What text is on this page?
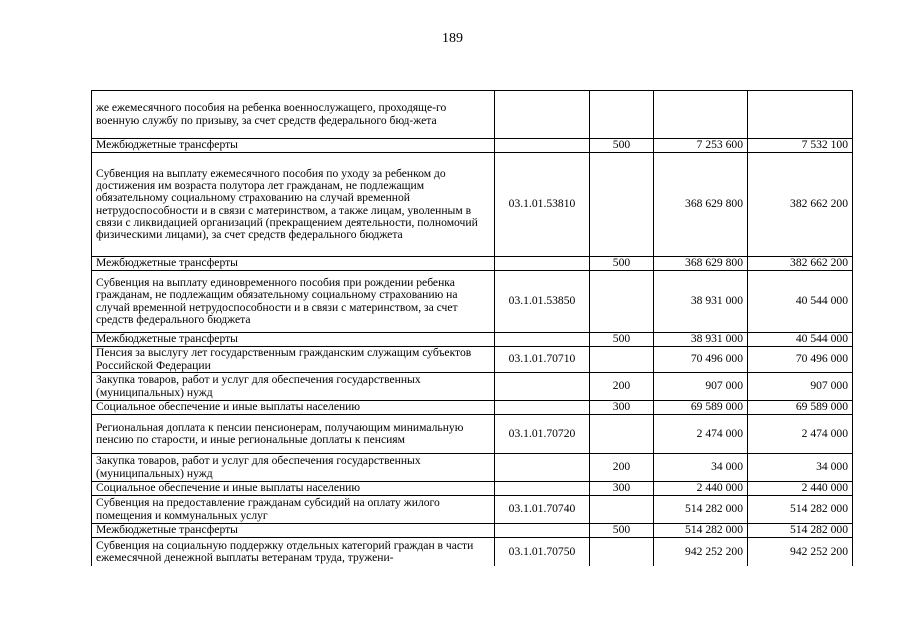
189
же ежемесячного пособия на ребенка военнослужащего, проходяще-го военную службу по призыву, за счет средств федерального бюд-жета				
Межбюджетные трансферты		500	7 253 600	7 532 100
Субвенция на выплату ежемесячного пособия по уходу за ребенком до достижения им возраста полутора лет гражданам, не подлежащим обязательному социальному страхованию на случай временной нетрудоспособности и в связи с материнством, а также лицам, уволенным в связи с ликвидацией организаций (прекращением деятельности, полномочий физическими лицами), за счет средств федерального бюджета	03.1.01.53810		368 629 800	382 662 200
Межбюджетные трансферты		500	368 629 800	382 662 200
Субвенция на выплату единовременного пособия при рождении ребенка гражданам, не подлежащим обязательному социальному страхованию на случай временной нетрудоспособности и в связи с материнством, за счет средств федерального бюджета	03.1.01.53850		38 931 000	40 544 000
Межбюджетные трансферты		500	38 931 000	40 544 000
Пенсия за выслугу лет государственным гражданским служащим субъектов Российской Федерации	03.1.01.70710		70 496 000	70 496 000
Закупка товаров, работ и услуг для обеспечения государственных (муниципальных) нужд		200	907 000	907 000
Социальное обеспечение и иные выплаты населению		300	69 589 000	69 589 000
Региональная доплата к пенсии пенсионерам, получающим минимальную пенсию по старости, и иные региональные доплаты к пенсиям	03.1.01.70720		2 474 000	2 474 000
Закупка товаров, работ и услуг для обеспечения государственных (муниципальных) нужд		200	34 000	34 000
Социальное обеспечение и иные выплаты населению		300	2 440 000	2 440 000
Субвенция на предоставление гражданам субсидий на оплату жилого помещения и коммунальных услуг	03.1.01.70740		514 282 000	514 282 000
Межбюджетные трансферты		500	514 282 000	514 282 000
Субвенция на социальную поддержку отдельных категорий граждан в части ежемесячной денежной выплаты ветеранам труда, тружени-	03.1.01.70750		942 252 200	942 252 200
